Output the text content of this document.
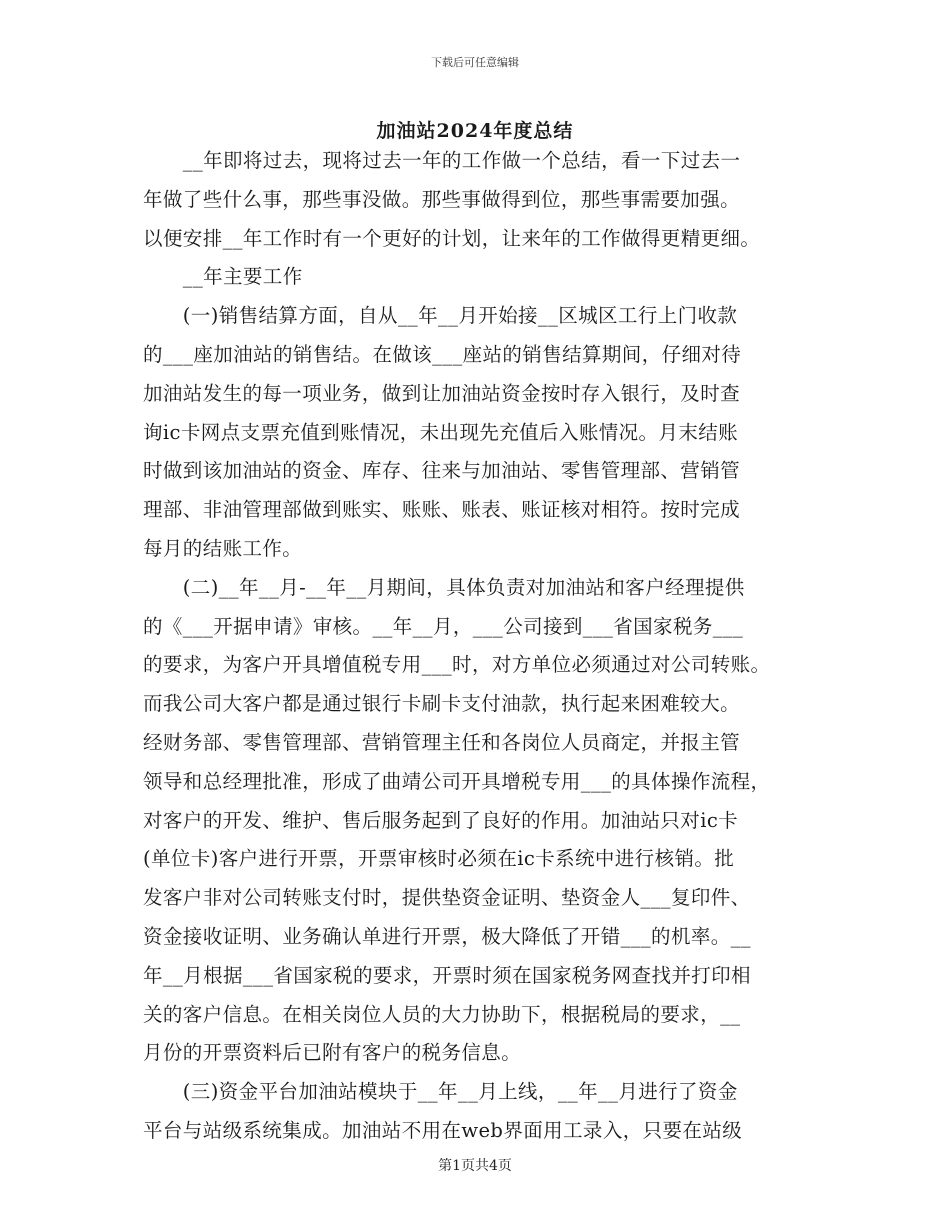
下载后可任意编辑
加油站2024年度总结
　　__年即将过去，现将过去一年的工作做一个总结，看一下过去一
年做了些什么事，那些事没做。那些事做得到位，那些事需要加强。
以便安排__年工作时有一个更好的计划，让来年的工作做得更精更细。
　　__年主要工作
　　(一)销售结算方面，自从__年__月开始接__区城区工行上门收款
的___座加油站的销售结。在做该___座站的销售结算期间，仔细对待
加油站发生的每一项业务，做到让加油站资金按时存入银行，及时查
询ic卡网点支票充值到账情况，未出现先充值后入账情况。月末结账
时做到该加油站的资金、库存、往来与加油站、零售管理部、营销管
理部、非油管理部做到账实、账账、账表、账证核对相符。按时完成
每月的结账工作。
　　(二)__年__月-__年__月期间，具体负责对加油站和客户经理提供
的《___开据申请》审核。__年__月，___公司接到___省国家税务___
的要求，为客户开具增值税专用___时，对方单位必须通过对公司转账。
而我公司大客户都是通过银行卡刷卡支付油款，执行起来困难较大。
经财务部、零售管理部、营销管理主任和各岗位人员商定，并报主管
领导和总经理批准，形成了曲靖公司开具增税专用___的具体操作流程，
对客户的开发、维护、售后服务起到了良好的作用。加油站只对ic卡
(单位卡)客户进行开票，开票审核时必须在ic卡系统中进行核销。批
发客户非对公司转账支付时，提供垫资金证明、垫资金人___复印件、
资金接收证明、业务确认单进行开票，极大降低了开错___的机率。__
年__月根据___省国家税的要求，开票时须在国家税务网查找并打印相
关的客户信息。在相关岗位人员的大力协助下，根据税局的要求，__
月份的开票资料后已附有客户的税务信息。
　　(三)资金平台加油站模块于__年__月上线，__年__月进行了资金
平台与站级系统集成。加油站不用在web界面用工录入，只要在站级
第1页共4页
